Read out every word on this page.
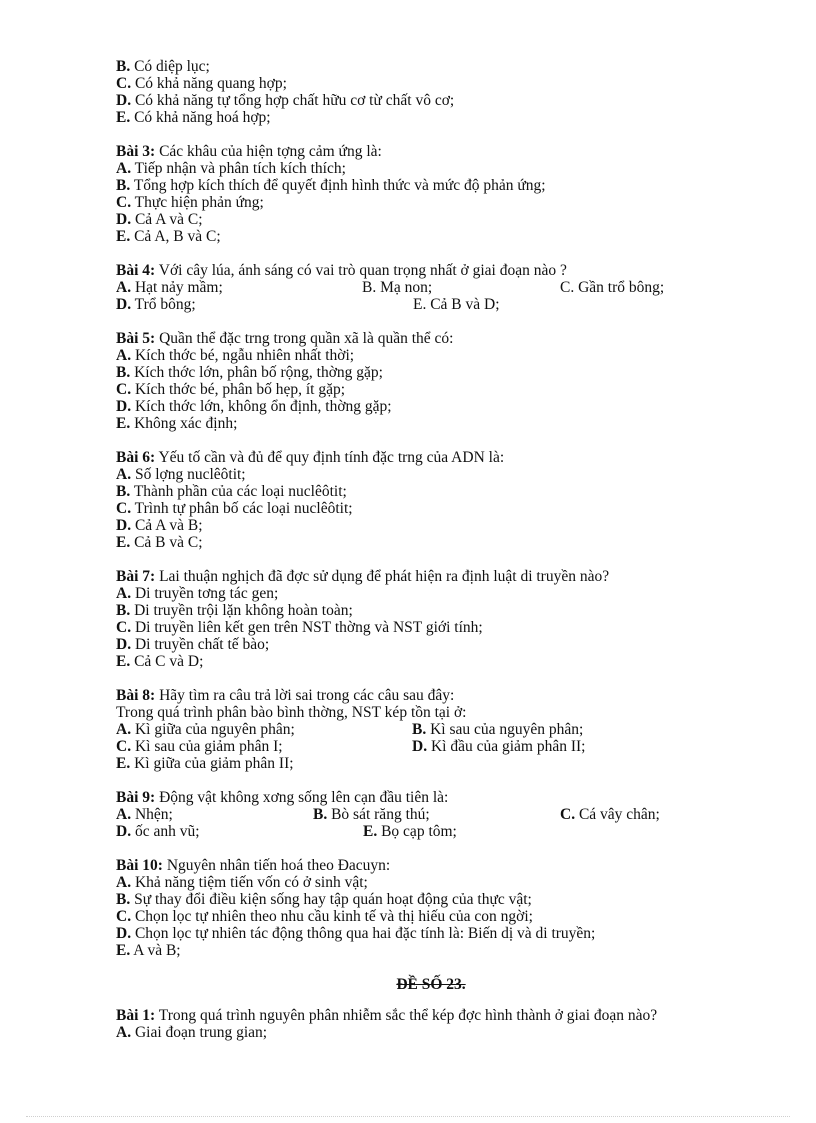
B. Có diệp lục;
C. Có khả năng quang hợp;
D. Có khả năng tự tổng hợp chất hữu cơ từ chất vô cơ;
E. Có khả năng hoá hợp;
Bài 3: Các khâu của hiện tợng cảm ứng là:
A. Tiếp nhận và phân tích kích thích;
B. Tổng hợp kích thích để quyết định hình thức và mức độ phản ứng;
C. Thực hiện phản ứng;
D. Cả A và C;
E. Cả A, B và C;
Bài 4: Với cây lúa, ánh sáng có vai trò quan trọng nhất ở giai đoạn nào ?
A. Hạt nảy mầm;	B. Mạ non;	C. Gần trổ bông;
D. Trổ bông;	E. Cả B và D;
Bài 5: Quần thể đặc trng trong quần xã là quần thể có:
A. Kích thớc bé, ngẫu nhiên nhất thời;
B. Kích thớc lớn, phân bố rộng, thờng gặp;
C. Kích thớc bé, phân bố hẹp, ít gặp;
D. Kích thớc lớn, không ổn định, thờng gặp;
E. Không xác định;
Bài 6: Yếu tố cần và đủ để quy định tính đặc trng của ADN là:
A. Số lợng nuclêôtit;
B. Thành phần của các loại nuclêôtit;
C. Trình tự phân bố các loại nuclêôtit;
D. Cả A và B;
E. Cả B và C;
Bài 7: Lai thuận nghịch đã đợc sử dụng để phát hiện ra định luật di truyền nào?
A. Di truyền tơng tác gen;
B. Di truyền trội lặn không hoàn toàn;
C. Di truyền liên kết gen trên NST thờng và NST giới tính;
D. Di truyền chất tế bào;
E. Cả C và D;
Bài 8: Hãy tìm ra câu trả lời sai trong các câu sau đây:
Trong quá trình phân bào bình thờng, NST kép tồn tại ở:
A. Kì giữa của nguyên phân;	B. Kì sau của nguyên phân;
C. Kì sau của giảm phân I;	D. Kì đầu của giảm phân II;
E. Kì giữa của giảm phân II;
Bài 9: Động vật không xơng sống lên cạn đầu tiên là:
A. Nhện;	B. Bò sát răng thú;	C. Cá vây chân;
D. ốc anh vũ;	E. Bọ cạp tôm;
Bài 10: Nguyên nhân tiến hoá theo Đacuyn:
A. Khả năng tiệm tiến vốn có ở sinh vật;
B. Sự thay đổi điều kiện sống hay tập quán hoạt động của thực vật;
C. Chọn lọc tự nhiên theo nhu cầu kinh tế và thị hiếu của con ngời;
D. Chọn lọc tự nhiên tác động thông qua hai đặc tính là: Biến dị và di truyền;
E. A và B;
ĐỀ SỐ 23.
Bài 1: Trong quá trình nguyên phân nhiễm sắc thể kép đợc hình thành ở giai đoạn nào?
A. Giai đoạn trung gian;
